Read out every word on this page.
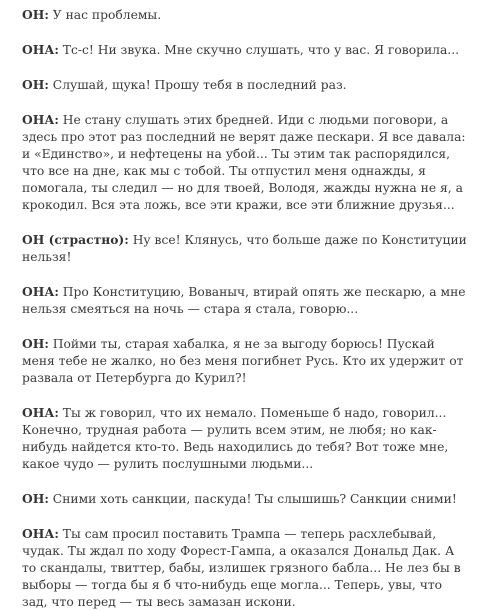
ОН: У нас проблемы.

ОНА: Тс-с! Ни звука. Мне скучно слушать, что у вас. Я говорила...

ОН: Слушай, щука! Прошу тебя в последний раз.

ОНА: Не стану слушать этих бредней. Иди с людьми поговори, а здесь про этот раз последний не верят даже пескари. Я все давала: и «Единство», и нефтецены на убой... Ты этим так распорядился, что все на дне, как мы с тобой. Ты отпустил меня однажды, я помогала, ты следил — но для твоей, Володя, жажды нужна не я, а крокодил. Вся эта ложь, все эти кражи, все эти ближние друзья...

ОН (страстно): Ну все! Клянусь, что больше даже по Конституции нельзя!

ОНА: Про Конституцию, Вованыч, втирай опять же пескарю, а мне нельзя смеяться на ночь — стара я стала, говорю...

ОН: Пойми ты, старая хабалка, я не за выгоду борюсь! Пускай меня тебе не жалко, но без меня погибнет Русь. Кто их удержит от развала от Петербурга до Курил?!

ОНА: Ты ж говорил, что их немало. Поменьше б надо, говорил... Конечно, трудная работа — рулить всем этим, не любя; но как-нибудь найдется кто-то. Ведь находились до тебя? Вот тоже мне, какое чудо — рулить послушными людьми...

ОН: Сними хоть санкции, паскуда! Ты слышишь? Санкции сними!

ОНА: Ты сам просил поставить Трампа — теперь расхлебывай, чудак. Ты ждал по ходу Форест-Гампа, а оказался Дональд Дак. А то скандалы, твиттер, бабы, излишек грязного бабла... Не лез бы в выборы — тогда бы я б что-нибудь еще могла... Теперь, увы, что зад, что перед — ты весь замазан искони.
